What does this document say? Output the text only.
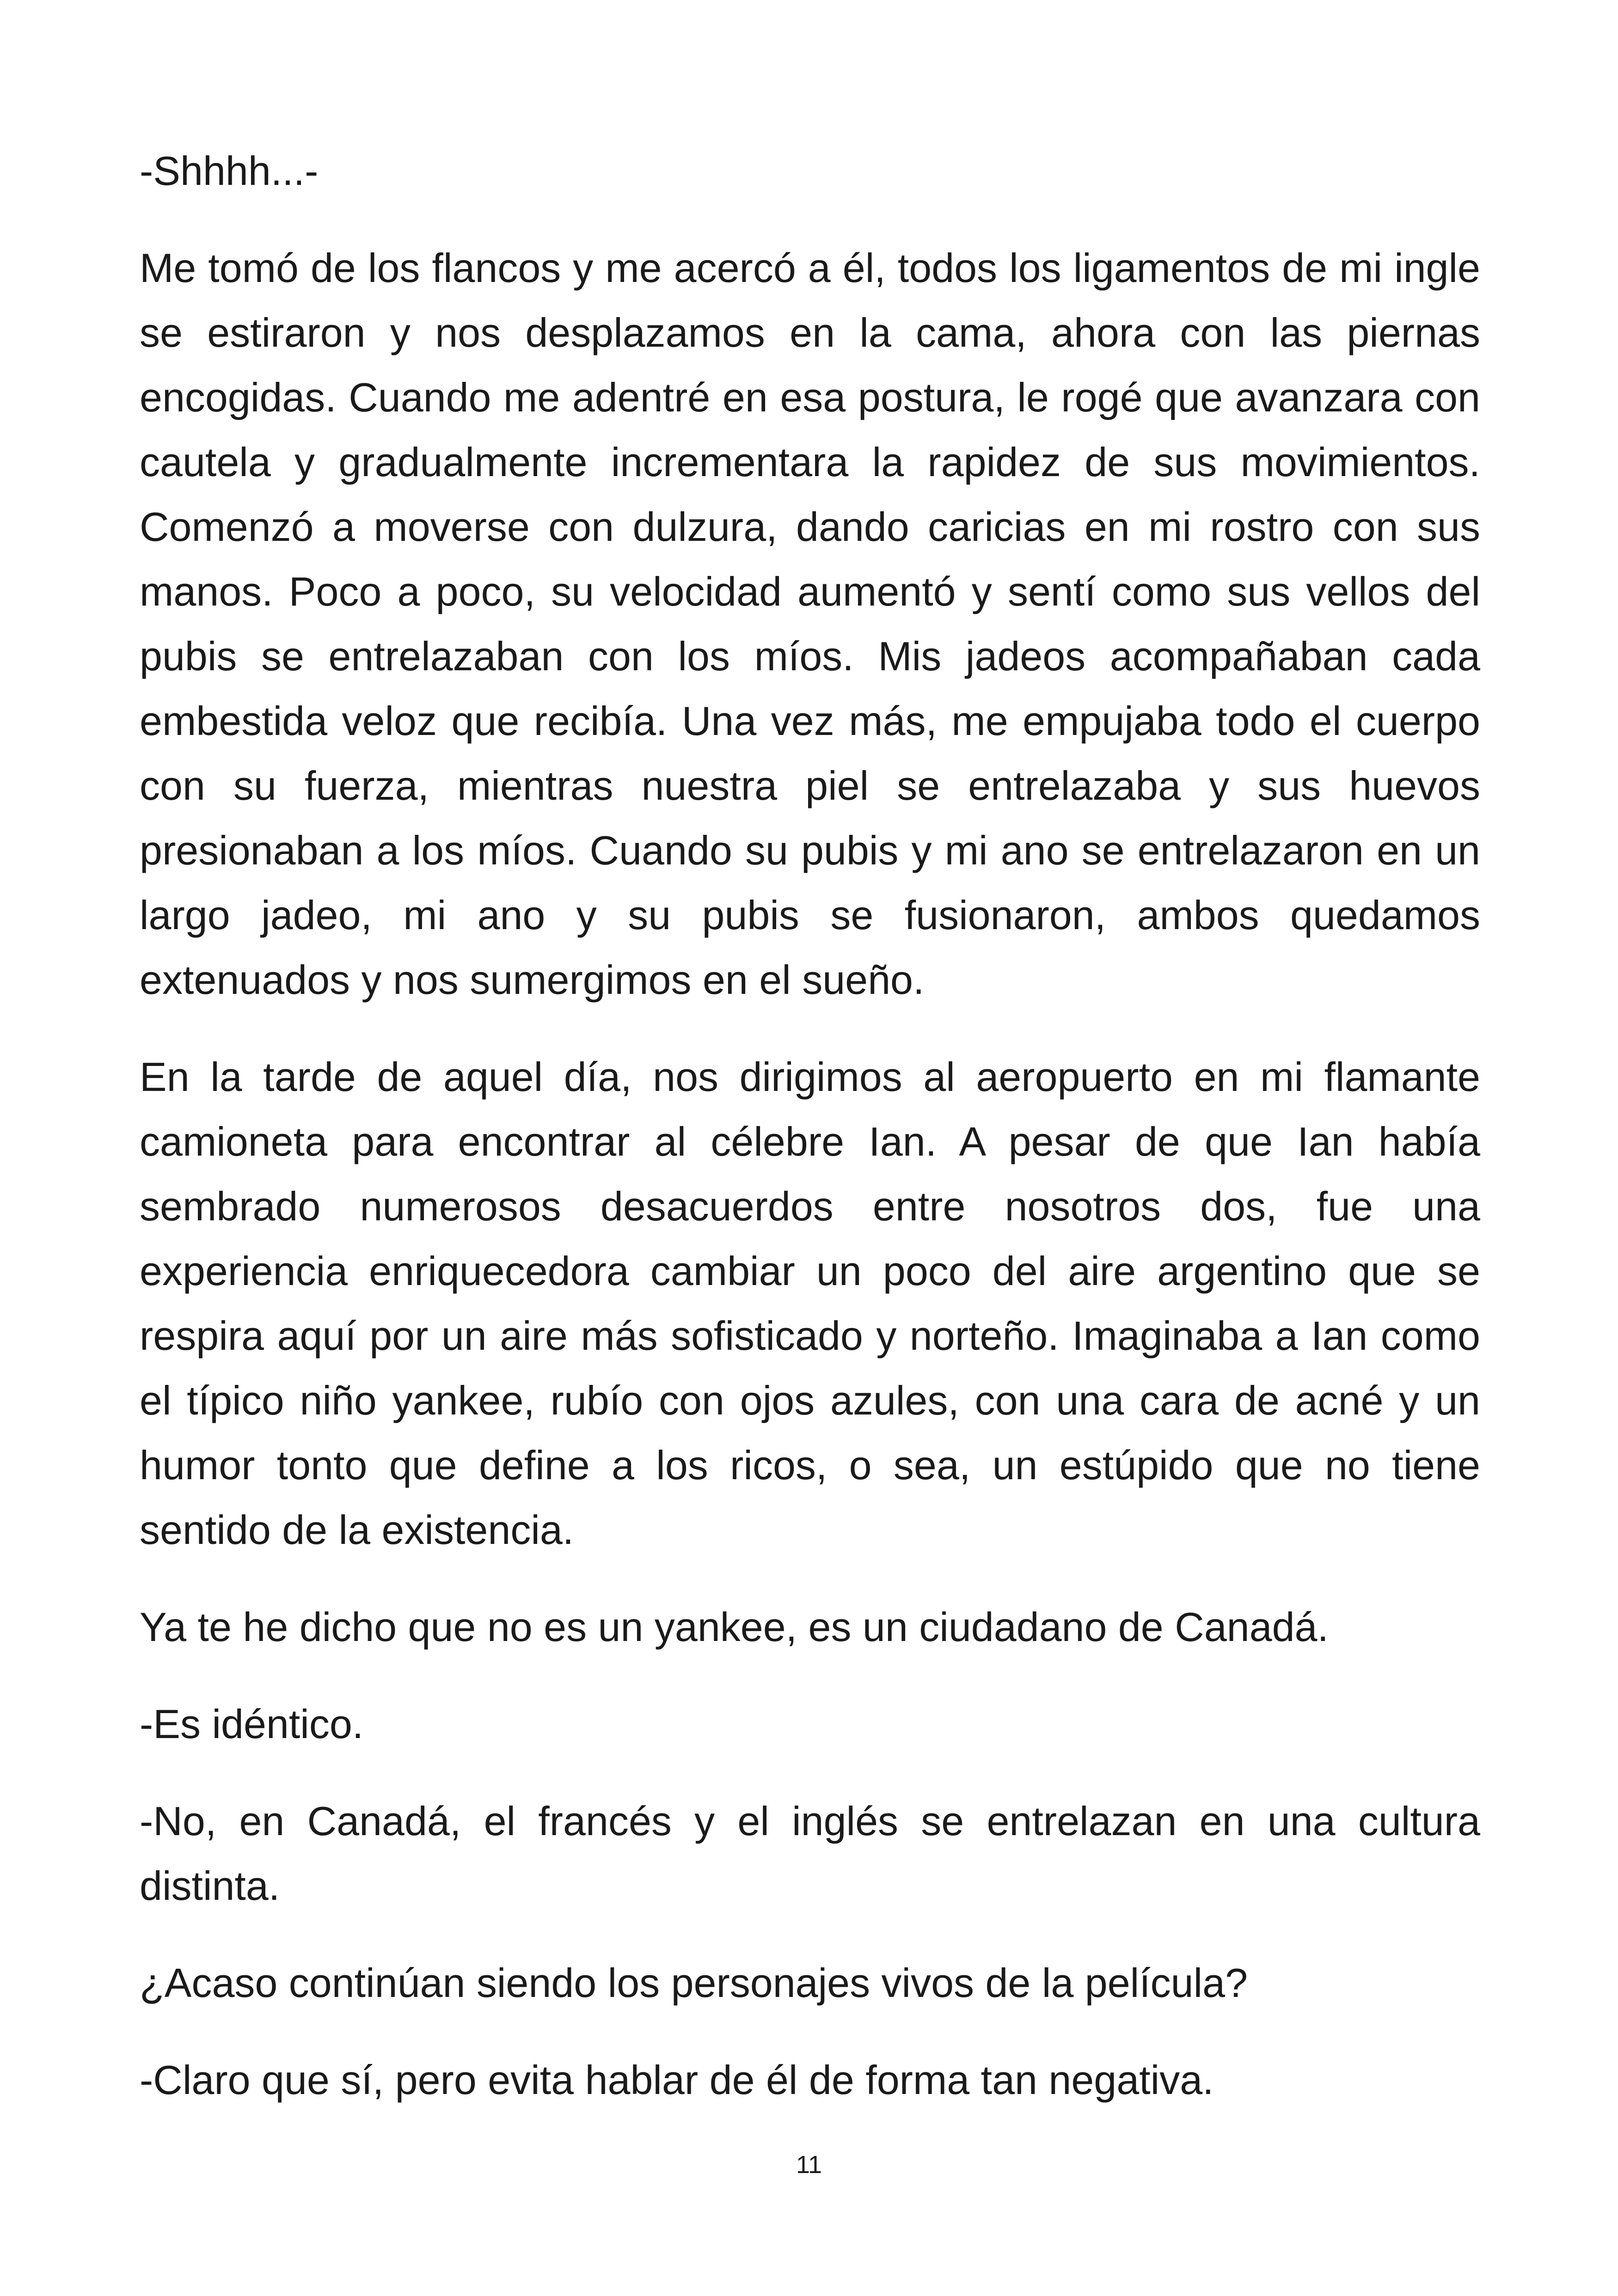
-Shhhh...-

Me tomó de los flancos y me acercó a él, todos los ligamentos de mi ingle se estiraron y nos desplazamos en la cama, ahora con las piernas encogidas. Cuando me adentré en esa postura, le rogé que avanzara con cautela y gradualmente incrementara la rapidez de sus movimientos. Comenzó a moverse con dulzura, dando caricias en mi rostro con sus manos. Poco a poco, su velocidad aumentó y sentí como sus vellos del pubis se entrelazaban con los míos. Mis jadeos acompañaban cada embestida veloz que recibía. Una vez más, me empujaba todo el cuerpo con su fuerza, mientras nuestra piel se entrelazaba y sus huevos presionaban a los míos. Cuando su pubis y mi ano se entrelazaron en un largo jadeo, mi ano y su pubis se fusionaron, ambos quedamos extenuados y nos sumergimos en el sueño.

En la tarde de aquel día, nos dirigimos al aeropuerto en mi flamante camioneta para encontrar al célebre Ian. A pesar de que Ian había sembrado numerosos desacuerdos entre nosotros dos, fue una experiencia enriquecedora cambiar un poco del aire argentino que se respira aquí por un aire más sofisticado y norteño. Imaginaba a Ian como el típico niño yankee, rubío con ojos azules, con una cara de acné y un humor tonto que define a los ricos, o sea, un estúpido que no tiene sentido de la existencia.

Ya te he dicho que no es un yankee, es un ciudadano de Canadá.

-Es idéntico.

-No, en Canadá, el francés y el inglés se entrelazan en una cultura distinta.

¿Acaso continúan siendo los personajes vivos de la película?

-Claro que sí, pero evita hablar de él de forma tan negativa.

11
